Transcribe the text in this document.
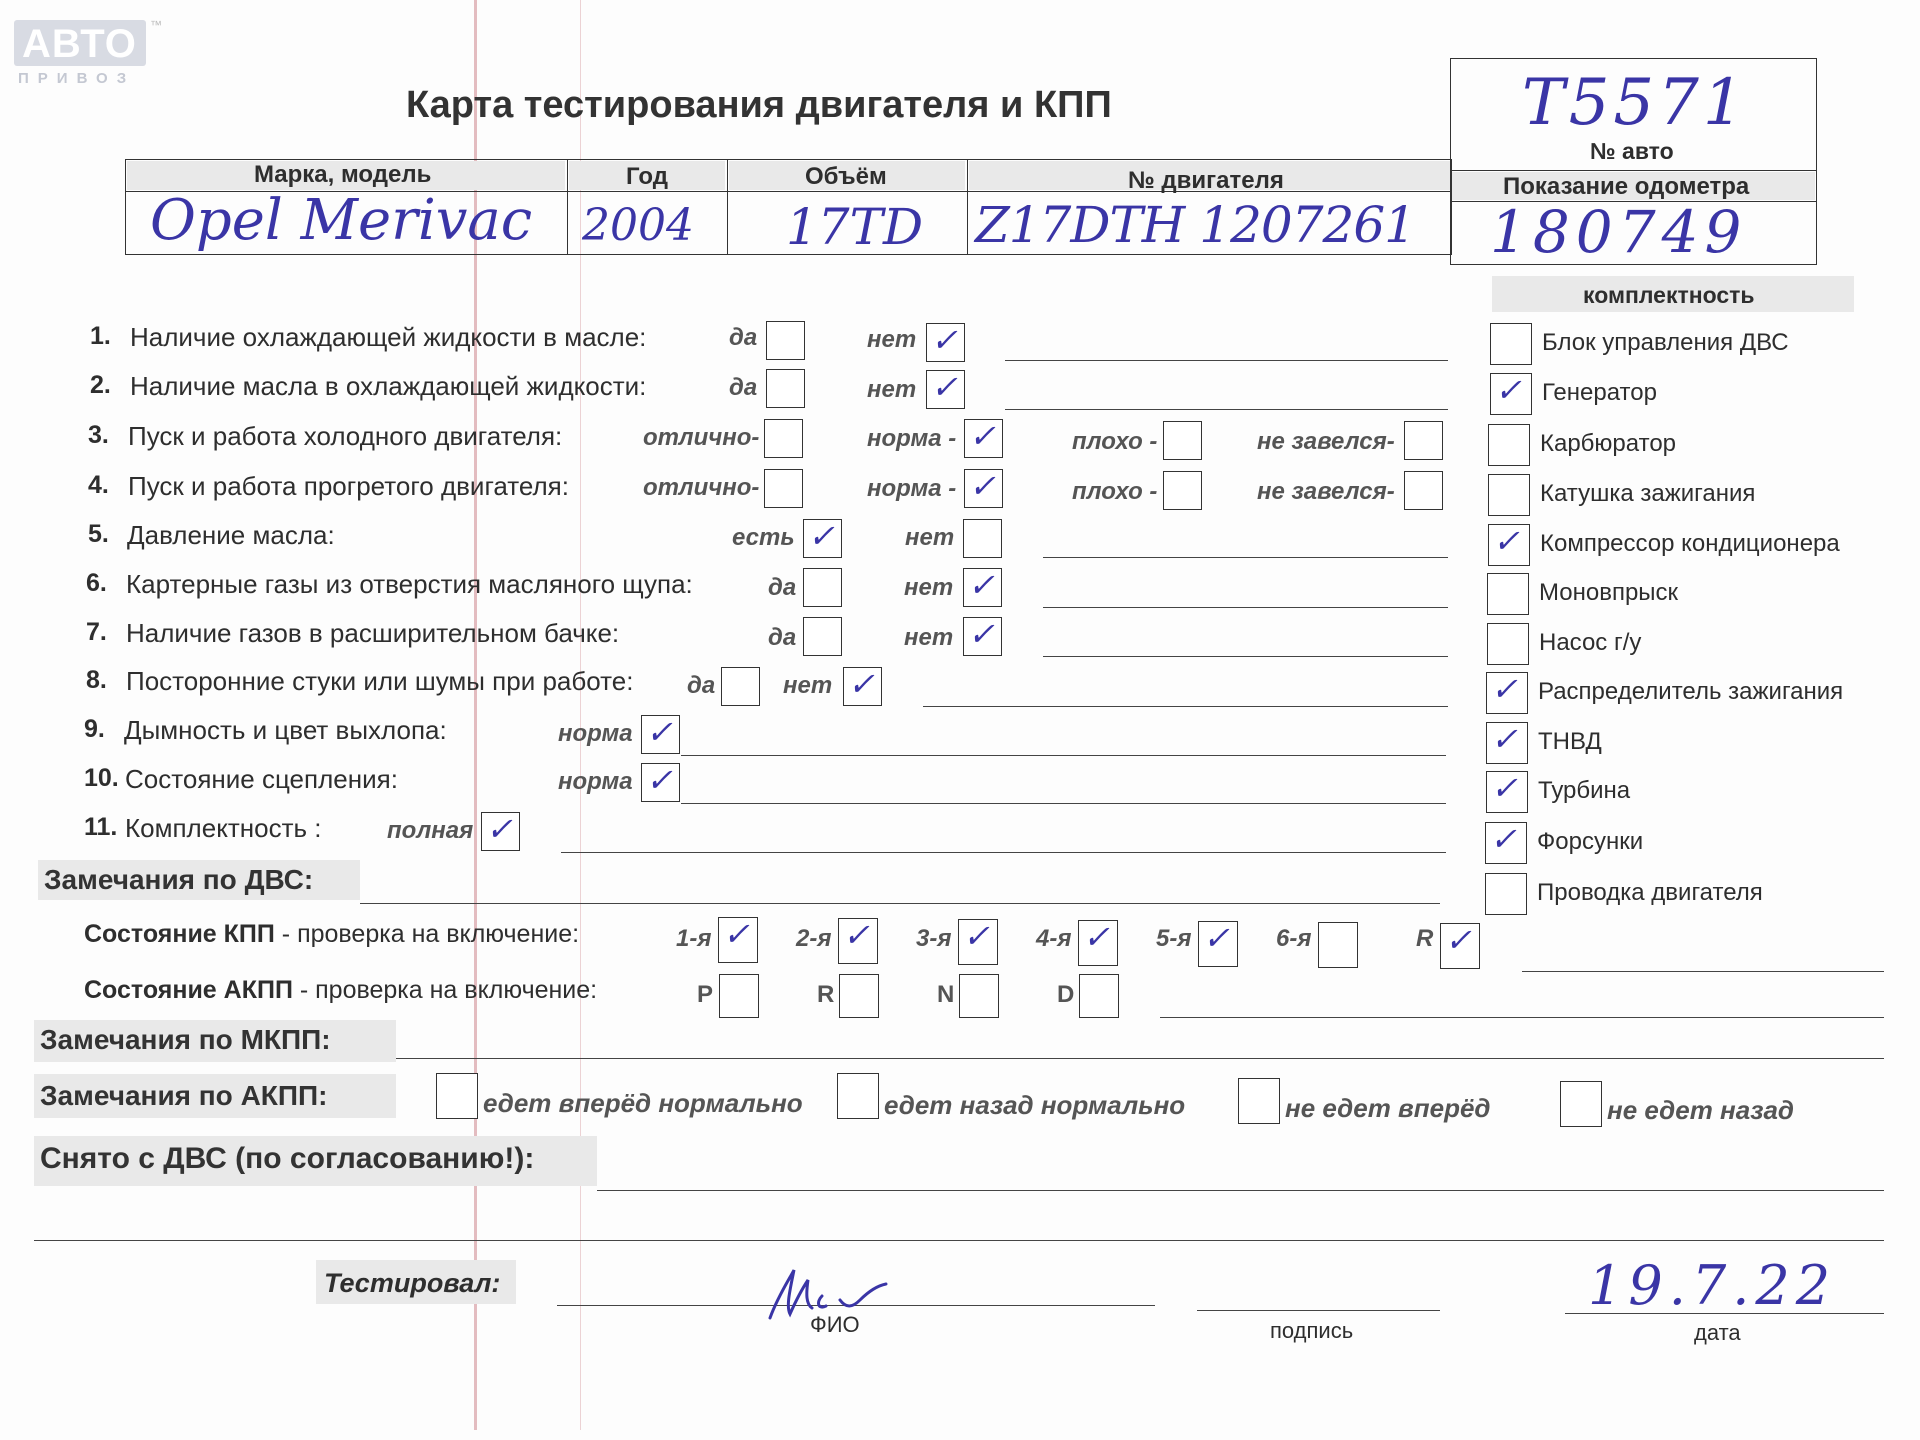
АВТО ™
ПРИВОЗ
Карта тестирования двигателя и КПП
Марка, модель	Год	Объём	№ двигателя
Opel Merivac 2004 17TD Z17DTH 1207261
T5571
№ авто
Показание одометра
180749
1. Наличие охлаждающей жидкости в масле:	да	нет ✓
2. Наличие масла в охлаждающей жидкости:	да	нет ✓
3. Пуск и работа холодного двигателя:	отлично-	норма - ✓	плохо -	не завелся-
4. Пуск и работа прогретого двигателя:	отлично-	норма - ✓	плохо -	не завелся-
5. Давление масла:	есть ✓	нет
6. Картерные газы из отверстия масляного щупа:	да	нет ✓
7. Наличие газов в расширительном бачке:	да	нет ✓
8. Посторонние стуки или шумы при работе: да	нет ✓
9. Дымность и цвет выхлопа:	норма ✓
10. Состояние сцепления:	норма ✓
11. Комплектность :	полная ✓
комплектность
Блок управления ДВС
✓ Генератор
Карбюратор
Катушка зажигания
✓ Компрессор кондиционера
Моновпрыск
Насос г/у
✓ Распределитель зажигания
✓ ТНВД
✓ Турбина
✓ Форсунки
Проводка двигателя
Замечания по ДВС:
Состояние КПП - проверка на включение:	1-я ✓ 2-я ✓ 3-я ✓ 4-я ✓ 5-я ✓ 6-я	R ✓
Состояние АКПП - проверка на включение:	P	R	N	D
Замечания по МКПП:
Замечания по АКПП:	едет вперёд нормально	едет назад нормально	не едет вперёд	не едет назад
Снято с ДВС (по согласованию!):
Тестировал:
ФИО	подпись
19.7.22
дата
